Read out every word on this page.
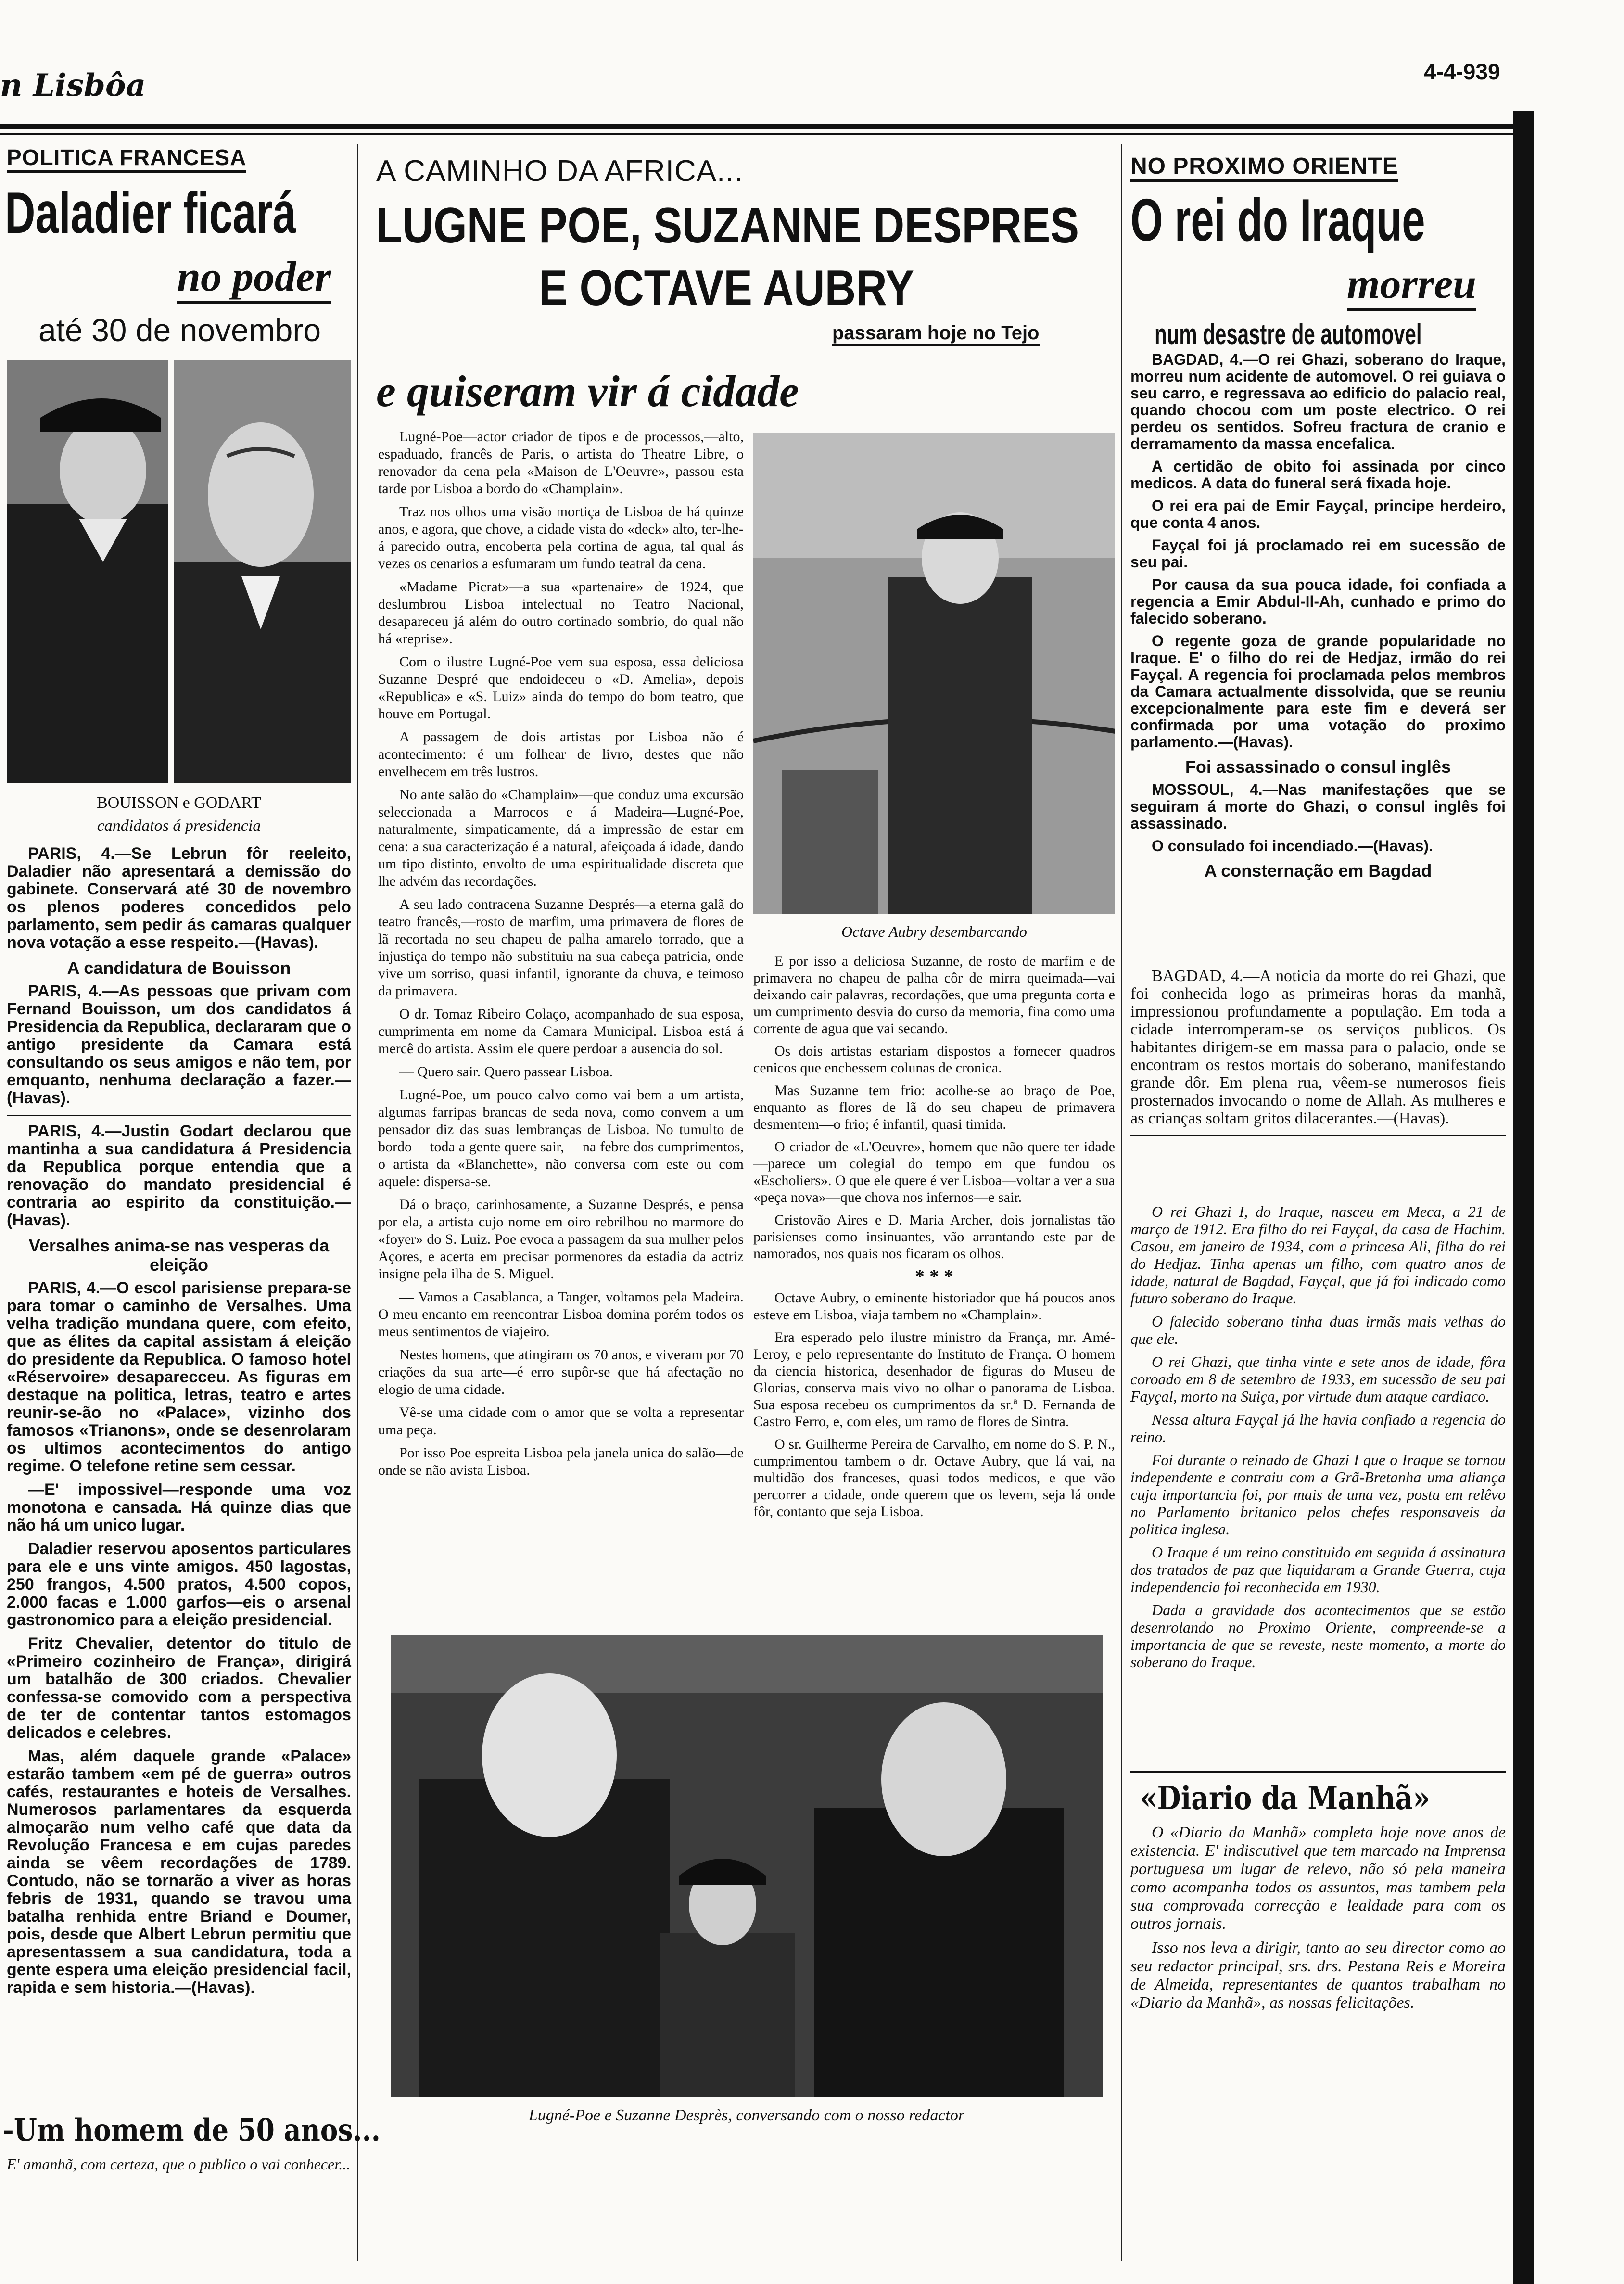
n Lisbôa	4-4-939
POLITICA FRANCESA
Daladier ficará
no poder
até 30 de novembro
BOUISSON e GODART
candidatos á presidencia

PARIS, 4.—Se Lebrun fôr reeleito, Daladier não apresentará a demissão do gabinete. Conservará até 30 de novembro os plenos poderes concedidos pelo parlamento, sem pedir ás camaras qualquer nova votação a esse respeito.—(Havas).

A candidatura de Bouisson

PARIS, 4.—As pessoas que privam com Fernand Bouisson, um dos candidatos á Presidencia da Republica, declararam que o antigo presidente da Camara está consultando os seus amigos e não tem, por emquanto, nenhuma declaração a fazer.—(Havas).

PARIS, 4.—Justin Godart declarou que mantinha a sua candidatura á Presidencia da Republica porque entendia que a renovação do mandato presidencial é contraria ao espirito da constituição.—(Havas).

Versalhes anima-se nas vesperas da eleição

PARIS, 4.—O escol parisiense prepara-se para tomar o caminho de Versalhes. Uma velha tradição mundana quere, com efeito, que as élites da capital assistam á eleição do presidente da Republica. O famoso hotel «Réservoire» desaparecceu. As figuras em destaque na politica, letras, teatro e artes reunir-se-ão no «Palace», vizinho dos famosos «Trianons», onde se desenrolaram os ultimos acontecimentos do antigo regime. O telefone retine sem cessar.

—E' impossivel—responde uma voz monotona e cansada. Há quinze dias que não há um unico lugar.

Daladier reservou aposentos particulares para ele e uns vinte amigos. 450 lagostas, 250 frangos, 4.500 pratos, 4.500 copos, 2.000 facas e 1.000 garfos—eis o arsenal gastronomico para a eleição presidencial.

Fritz Chevalier, detentor do titulo de «Primeiro cozinheiro de França», dirigirá um batalhão de 300 criados. Chevalier confessa-se comovido com a perspectiva de ter de contentar tantos estomagos delicados e celebres.

Mas, além daquele grande «Palace» estarão tambem «em pé de guerra» outros cafés, restaurantes e hoteis de Versalhes. Numerosos parlamentares da esquerda almoçarão num velho café que data da Revolução Francesa e em cujas paredes ainda se vêem recordações de 1789. Contudo, não se tornarão a viver as horas febris de 1931, quando se travou uma batalha renhida entre Briand e Doumer, pois, desde que Albert Lebrun permitiu que apresentassem a sua candidatura, toda a gente espera uma eleição presidencial facil, rapida e sem historia.—(Havas).

-Um homem de 50 anos...
E' amanhã, com certeza, que o publico o vai conhecer...
A CAMINHO DA AFRICA...
LUGNE POE, SUZANNE DESPRES
E OCTAVE AUBRY
passaram hoje no Tejo
e quiseram vir á cidade

Lugné-Poe—actor criador de tipos e de processos,—alto, espaduado, francês de Paris, o artista do Theatre Libre, o renovador da cena pela «Maison de L'Oeuvre», passou esta tarde por Lisboa a bordo do «Champlain».

Traz nos olhos uma visão mortiça de Lisboa de há quinze anos, e agora, que chove, a cidade vista do «deck» alto, ter-lhe-á parecido outra, encoberta pela cortina de agua, tal qual ás vezes os cenarios a esfumaram um fundo teatral da cena.

«Madame Picrat»—a sua «partenaire» de 1924, que deslumbrou Lisboa intelectual no Teatro Nacional, desapareceu já além do outro cortinado sombrio, do qual não há «reprise».

Com o ilustre Lugné-Poe vem sua esposa, essa deliciosa Suzanne Despré que endoideceu o «D. Amelia», depois «Republica» e «S. Luiz» ainda do tempo do bom teatro, que houve em Portugal.

A passagem de dois artistas por Lisboa não é acontecimento: é um folhear de livro, destes que não envelhecem em três lustros.

No ante salão do «Champlain»—que conduz uma excursão seleccionada a Marrocos e á Madeira—Lugné-Poe, naturalmente, simpaticamente, dá a impressão de estar em cena: a sua caracterização é a natural, afeiçoada á idade, dando um tipo distinto, envolto de uma espiritualidade discreta que lhe advém das recordações.

A seu lado contracena Suzanne Després—a eterna galã do teatro francês,—rosto de marfim, uma primavera de flores de lã recortada no seu chapeu de palha amarelo torrado, que a injustiça do tempo não substituiu na sua cabeça patricia, onde vive um sorriso, quasi infantil, ignorante da chuva, e teimoso da primavera.

O dr. Tomaz Ribeiro Colaço, acompanhado de sua esposa, cumprimenta em nome da Camara Municipal. Lisboa está á mercê do artista. Assim ele quere perdoar a ausencia do sol.

— Quero sair. Quero passear Lisboa.

Lugné-Poe, um pouco calvo como vai bem a um artista, algumas farripas brancas de seda nova, como convem a um pensador diz das suas lembranças de Lisboa. No tumulto de bordo —toda a gente quere sair,— na febre dos cumprimentos, o artista da «Blanchette», não conversa com este ou com aquele: dispersa-se.

Dá o braço, carinhosamente, a Suzanne Després, e pensa por ela, a artista cujo nome em oiro rebrilhou no marmore do «foyer» do S. Luiz. Poe evoca a passagem da sua mulher pelos Açores, e acerta em precisar pormenores da estadia da actriz insigne pela ilha de S. Miguel.

— Vamos a Casablanca, a Tanger, voltamos pela Madeira. O meu encanto em reencontrar Lisboa domina porém todos os meus sentimentos de viajeiro.

Nestes homens, que atingiram os 70 anos, e viveram por 70 criações da sua arte—é erro supôr-se que há afectação no elogio de uma cidade.

Vê-se uma cidade com o amor que se volta a representar uma peça.

Por isso Poe espreita Lisboa pela janela unica do salão—de onde se não avista Lisboa.

Octave Aubry desembarcando

E por isso a deliciosa Suzanne, de rosto de marfim e de primavera no chapeu de palha côr de mirra queimada—vai deixando cair palavras, recordações, que uma pregunta corta e um cumprimento desvia do curso da memoria, fina como uma corrente de agua que vai secando.

Os dois artistas estariam dispostos a fornecer quadros cenicos que enchessem colunas de cronica.

Mas Suzanne tem frio: acolhe-se ao braço de Poe, enquanto as flores de lã do seu chapeu de primavera desmentem—o frio; é infantil, quasi timida.

O criador de «L'Oeuvre», homem que não quere ter idade—parece um colegial do tempo em que fundou os «Escholiers». O que ele quere é ver Lisboa—voltar a ver a sua «peça nova»—que chova nos infernos—e sair.

Cristovão Aires e D. Maria Archer, dois jornalistas tão parisienses como insinuantes, vão arrantando este par de namorados, nos quais nos ficaram os olhos.

* * *

Octave Aubry, o eminente historiador que há poucos anos esteve em Lisboa, viaja tambem no «Champlain».

Era esperado pelo ilustre ministro da França, mr. Amé-Leroy, e pelo representante do Instituto de França. O homem da ciencia historica, desenhador de figuras do Museu de Glorias, conserva mais vivo no olhar o panorama de Lisboa. Sua esposa recebeu os cumprimentos da sr.ª D. Fernanda de Castro Ferro, e, com eles, um ramo de flores de Sintra.

O sr. Guilherme Pereira de Carvalho, em nome do S. P. N., cumprimentou tambem o dr. Octave Aubry, que lá vai, na multidão dos franceses, quasi todos medicos, e que vão percorrer a cidade, onde querem que os levem, seja lá onde fôr, contanto que seja Lisboa.

Lugné-Poe e Suzanne Desprès, conversando com o nosso redactor
NO PROXIMO ORIENTE
O rei do Iraque
morreu
num desastre de automovel

BAGDAD, 4.—O rei Ghazi, soberano do Iraque, morreu num acidente de automovel. O rei guiava o seu carro, e regressava ao edificio do palacio real, quando chocou com um poste electrico. O rei perdeu os sentidos. Sofreu fractura de cranio e derramamento da massa encefalica.

A certidão de obito foi assinada por cinco medicos. A data do funeral será fixada hoje.

O rei era pai de Emir Fayçal, principe herdeiro, que conta 4 anos.

Fayçal foi já proclamado rei em sucessão de seu pai.

Por causa da sua pouca idade, foi confiada a regencia a Emir Abdul-Il-Ah, cunhado e primo do falecido soberano.

O regente goza de grande popularidade no Iraque. E' o filho do rei de Hedjaz, irmão do rei Fayçal. A regencia foi proclamada pelos membros da Camara actualmente dissolvida, que se reuniu excepcionalmente para este fim e deverá ser confirmada por uma votação do proximo parlamento.—(Havas).

Foi assassinado o consul inglês

MOSSOUL, 4.—Nas manifestações que se seguiram á morte do Ghazi, o consul inglês foi assassinado.

O consulado foi incendiado.—(Havas).

A consternação em Bagdad

BAGDAD, 4.—A noticia da morte do rei Ghazi, que foi conhecida logo as primeiras horas da manhã, impressionou profundamente a população. Em toda a cidade interromperam-se os serviços publicos. Os habitantes dirigem-se em massa para o palacio, onde se encontram os restos mortais do soberano, manifestando grande dôr. Em plena rua, vêem-se numerosos fieis prosternados invocando o nome de Allah. As mulheres e as crianças soltam gritos dilacerantes.—(Havas).

O rei Ghazi I, do Iraque, nasceu em Meca, a 21 de março de 1912. Era filho do rei Fayçal, da casa de Hachim. Casou, em janeiro de 1934, com a princesa Ali, filha do rei do Hedjaz. Tinha apenas um filho, com quatro anos de idade, natural de Bagdad, Fayçal, que já foi indicado como futuro soberano do Iraque.

O falecido soberano tinha duas irmãs mais velhas do que ele.

O rei Ghazi, que tinha vinte e sete anos de idade, fôra coroado em 8 de setembro de 1933, em sucessão de seu pai Fayçal, morto na Suiça, por virtude dum ataque cardiaco.

Nessa altura Fayçal já lhe havia confiado a regencia do reino.

Foi durante o reinado de Ghazi I que o Iraque se tornou independente e contraiu com a Grã-Bretanha uma aliança cuja importancia foi, por mais de uma vez, posta em relêvo no Parlamento britanico pelos chefes responsaveis da politica inglesa.

O Iraque é um reino constituido em seguida á assinatura dos tratados de paz que liquidaram a Grande Guerra, cuja independencia foi reconhecida em 1930.

Dada a gravidade dos acontecimentos que se estão desenrolando no Proximo Oriente, compreende-se a importancia de que se reveste, neste momento, a morte do soberano do Iraque.

«Diario da Manhã»

O «Diario da Manhã» completa hoje nove anos de existencia. E' indiscutivel que tem marcado na Imprensa portuguesa um lugar de relevo, não só pela maneira como acompanha todos os assuntos, mas tambem pela sua comprovada correcção e lealdade para com os outros jornais.

Isso nos leva a dirigir, tanto ao seu director como ao seu redactor principal, srs. drs. Pestana Reis e Moreira de Almeida, representantes de quantos trabalham no «Diario da Manhã», as nossas felicitações.
